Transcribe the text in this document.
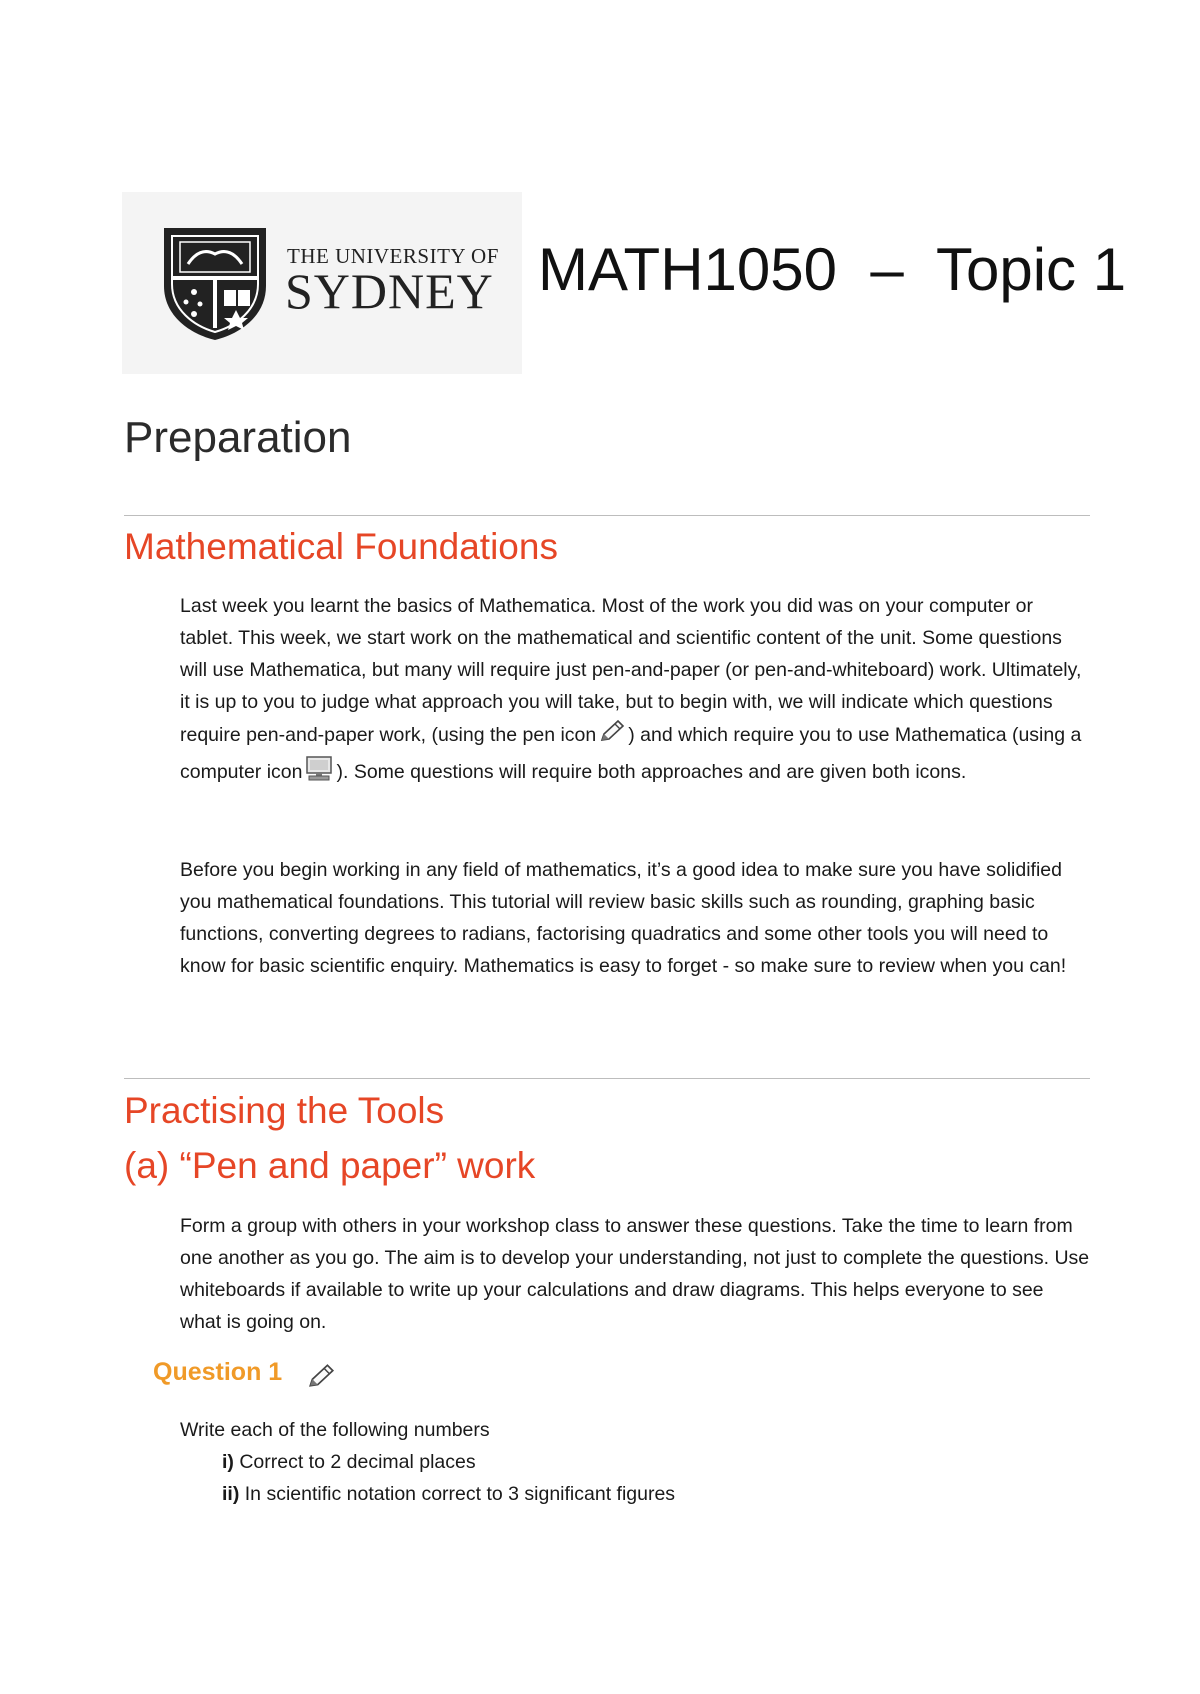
THE UNIVERSITY OF
SYDNEY MATH1050  –  Topic 1
Preparation
Mathematical Foundations

Last week you learnt the basics of Mathematica. Most of the work you did was on your computer or tablet. This week, we start work on the mathematical and scientific content of the unit. Some questions will use Mathematica, but many will require just pen-and-paper (or pen-and-whiteboard) work. Ultimately, it is up to you to judge what approach you will take, but to begin with, we will indicate which questions require pen-and-paper work, (using the pen icon ) and which require you to use Mathematica (using a computer icon ). Some questions will require both approaches and are given both icons.

Before you begin working in any field of mathematics, it’s a good idea to make sure you have solidified you mathematical foundations. This tutorial will review basic skills such as rounding, graphing basic functions, converting degrees to radians, factorising quadratics and some other tools you will need to know for basic scientific enquiry. Mathematics is easy to forget - so make sure to review when you can!
Practising the Tools
(a) “Pen and paper” work
Form a group with others in your workshop class to answer these questions. Take the time to learn from one another as you go. The aim is to develop your understanding, not just to complete the questions. Use whiteboards if available to write up your calculations and draw diagrams. This helps everyone to see what is going on.
Question 1
Write each of the following numbers
i) Correct to 2 decimal places
ii) In scientific notation correct to 3 significant figures
